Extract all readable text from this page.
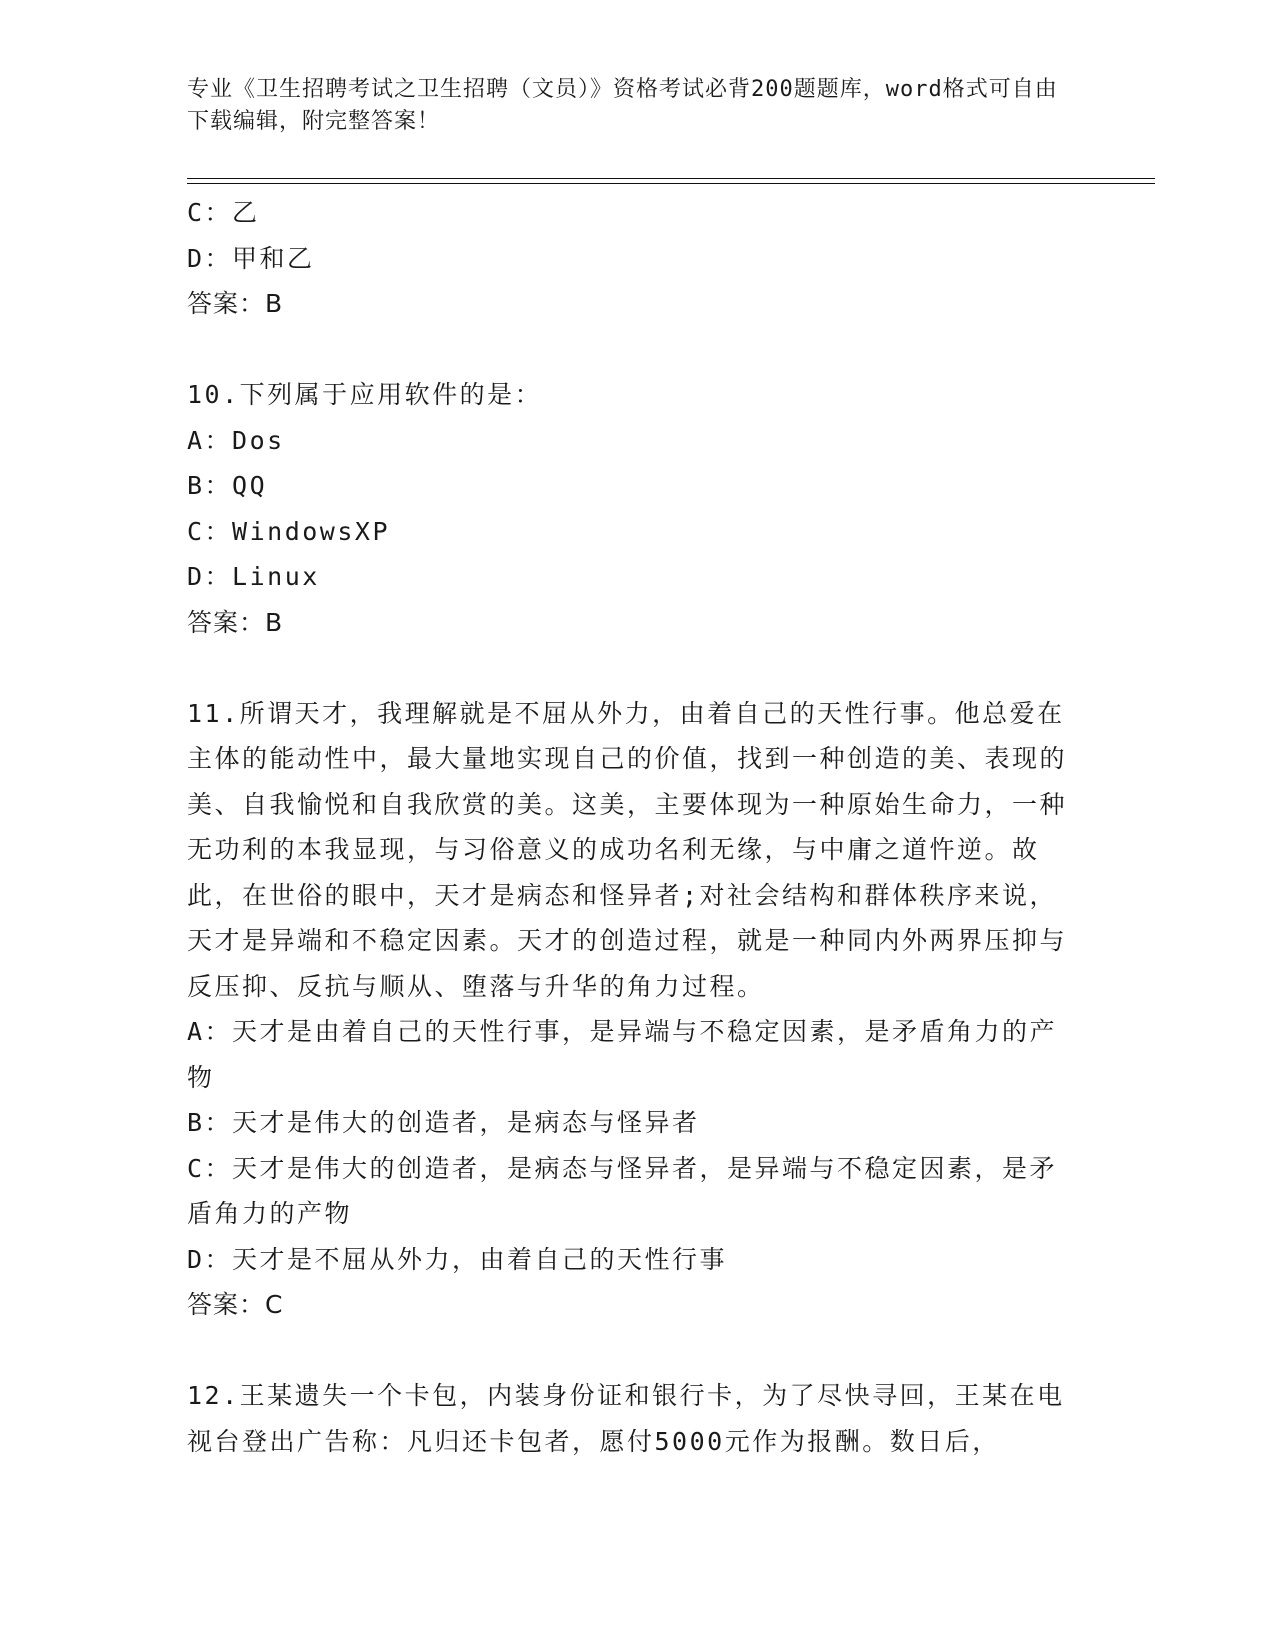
专业《卫生招聘考试之卫生招聘（文员）》资格考试必背200题题库，word格式可自由下载编辑，附完整答案！
C：乙
D：甲和乙
答案：B
10.下列属于应用软件的是：
A：Dos
B：QQ
C：WindowsXP
D：Linux
答案：B
11.所谓天才，我理解就是不屈从外力，由着自己的天性行事。他总爱在主体的能动性中，最大量地实现自己的价值，找到一种创造的美、表现的美、自我愉悦和自我欣赏的美。这美，主要体现为一种原始生命力，一种无功利的本我显现，与习俗意义的成功名利无缘，与中庸之道忤逆。故此，在世俗的眼中，天才是病态和怪异者;对社会结构和群体秩序来说，天才是异端和不稳定因素。天才的创造过程，就是一种同内外两界压抑与反压抑、反抗与顺从、堕落与升华的角力过程。
A：天才是由着自己的天性行事，是异端与不稳定因素，是矛盾角力的产物
B：天才是伟大的创造者，是病态与怪异者
C：天才是伟大的创造者，是病态与怪异者，是异端与不稳定因素，是矛盾角力的产物
D：天才是不屈从外力，由着自己的天性行事
答案：C
12.王某遗失一个卡包，内装身份证和银行卡，为了尽快寻回，王某在电视台登出广告称：凡归还卡包者，愿付5000元作为报酬。数日后，
